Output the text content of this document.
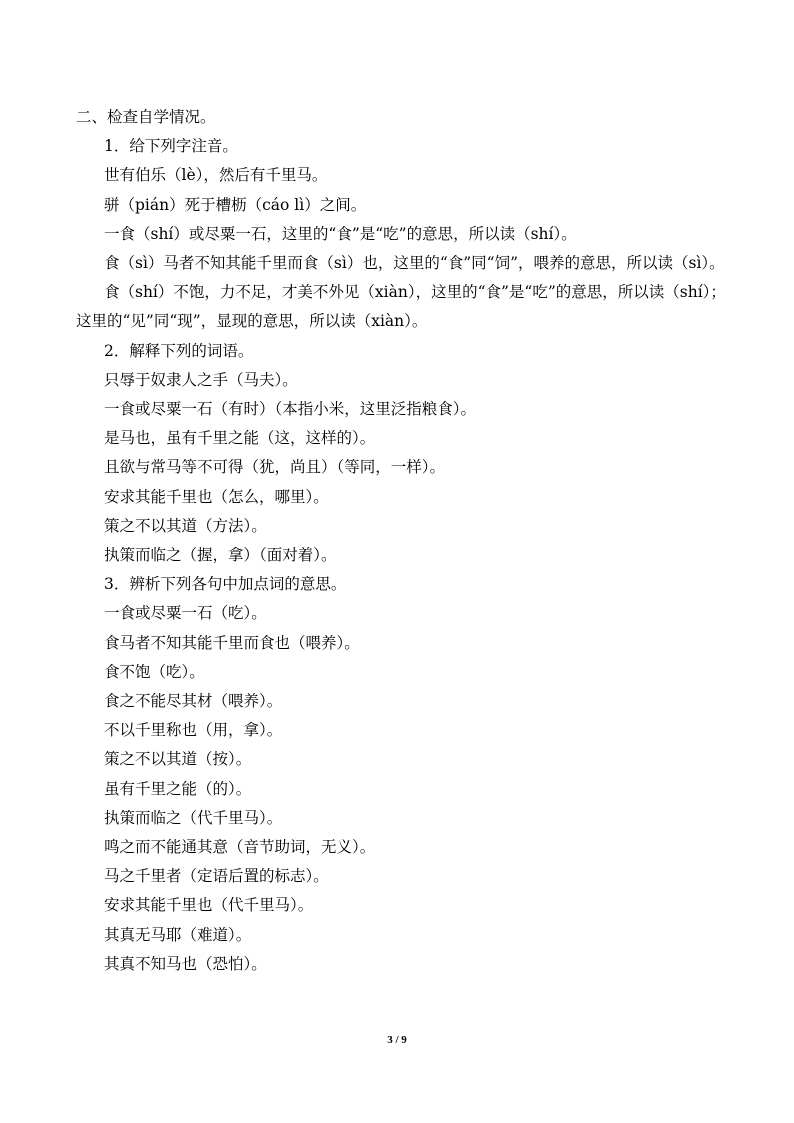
二、检查自学情况。
1．给下列字注音。
世有伯乐（lè），然后有千里马。
骈（pián）死于槽枥（cáo lì）之间。
一食（shí）或尽粟一石，这里的“食”是“吃”的意思，所以读（shí）。
食（sì）马者不知其能千里而食（sì）也，这里的“食”同“饲”，喂养的意思，所以读（sì）。
食（shí）不饱，力不足，才美不外见（xiàn），这里的“食”是“吃”的意思，所以读（shí）；这里的“见”同“现”，显现的意思，所以读（xiàn）。
2．解释下列的词语。
只辱于奴隶人之手（马夫）。
一食或尽粟一石（有时）（本指小米，这里泛指粮食）。
是马也，虽有千里之能（这，这样的）。
且欲与常马等不可得（犹，尚且）（等同，一样）。
安求其能千里也（怎么，哪里）。
策之不以其道（方法）。
执策而临之（握，拿）（面对着）。
3．辨析下列各句中加点词的意思。
一食或尽粟一石（吃）。
食马者不知其能千里而食也（喂养）。
食不饱（吃）。
食之不能尽其材（喂养）。
不以千里称也（用，拿）。
策之不以其道（按）。
虽有千里之能（的）。
执策而临之（代千里马）。
鸣之而不能通其意（音节助词，无义）。
马之千里者（定语后置的标志）。
安求其能千里也（代千里马）。
其真无马耶（难道）。
其真不知马也（恐怕）。
3 / 9
